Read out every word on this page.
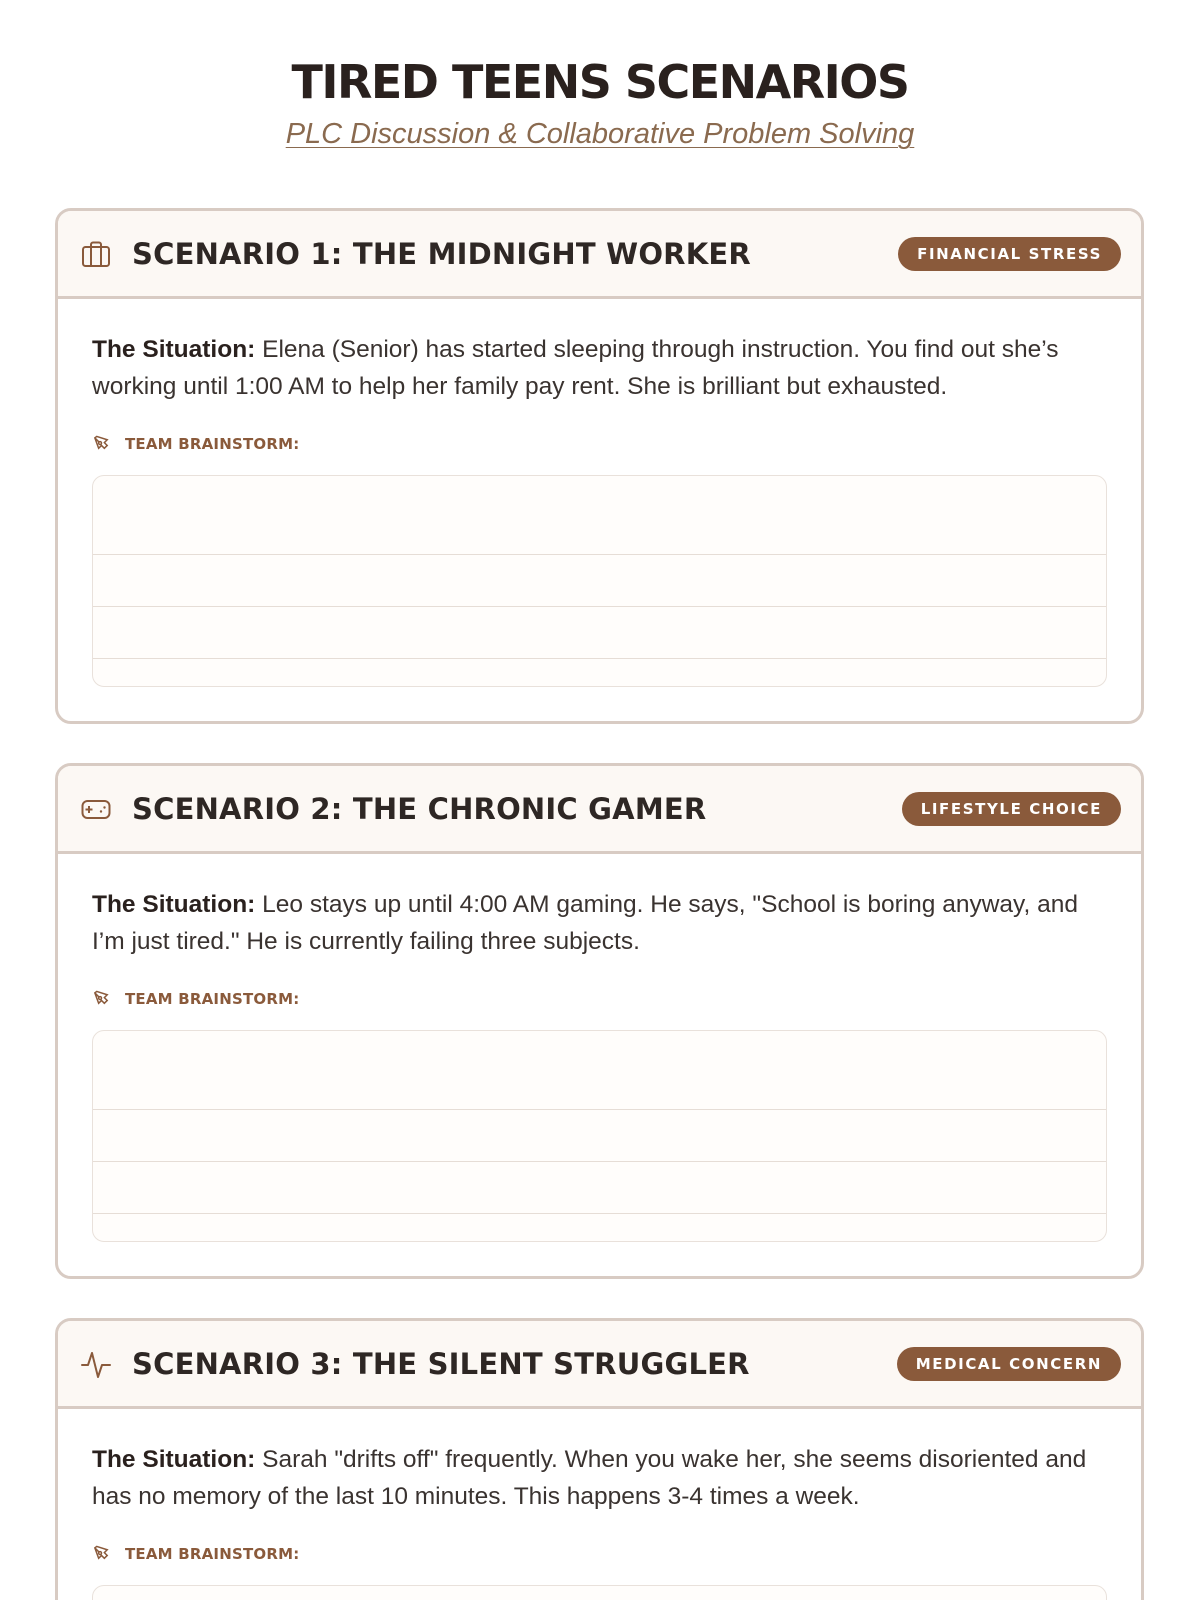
TIRED TEENS SCENARIOS
PLC Discussion & Collaborative Problem Solving
SCENARIO 1: THE MIDNIGHT WORKER	FINANCIAL STRESS

The Situation: Elena (Senior) has started sleeping through instruction. You find out she’s working until 1:00 AM to help her family pay rent. She is brilliant but exhausted.

TEAM BRAINSTORM:
SCENARIO 2: THE CHRONIC GAMER	LIFESTYLE CHOICE

The Situation: Leo stays up until 4:00 AM gaming. He says, "School is boring anyway, and I’m just tired." He is currently failing three subjects.

TEAM BRAINSTORM:
SCENARIO 3: THE SILENT STRUGGLER	MEDICAL CONCERN

The Situation: Sarah "drifts off" frequently. When you wake her, she seems disoriented and has no memory of the last 10 minutes. This happens 3-4 times a week.

TEAM BRAINSTORM:
